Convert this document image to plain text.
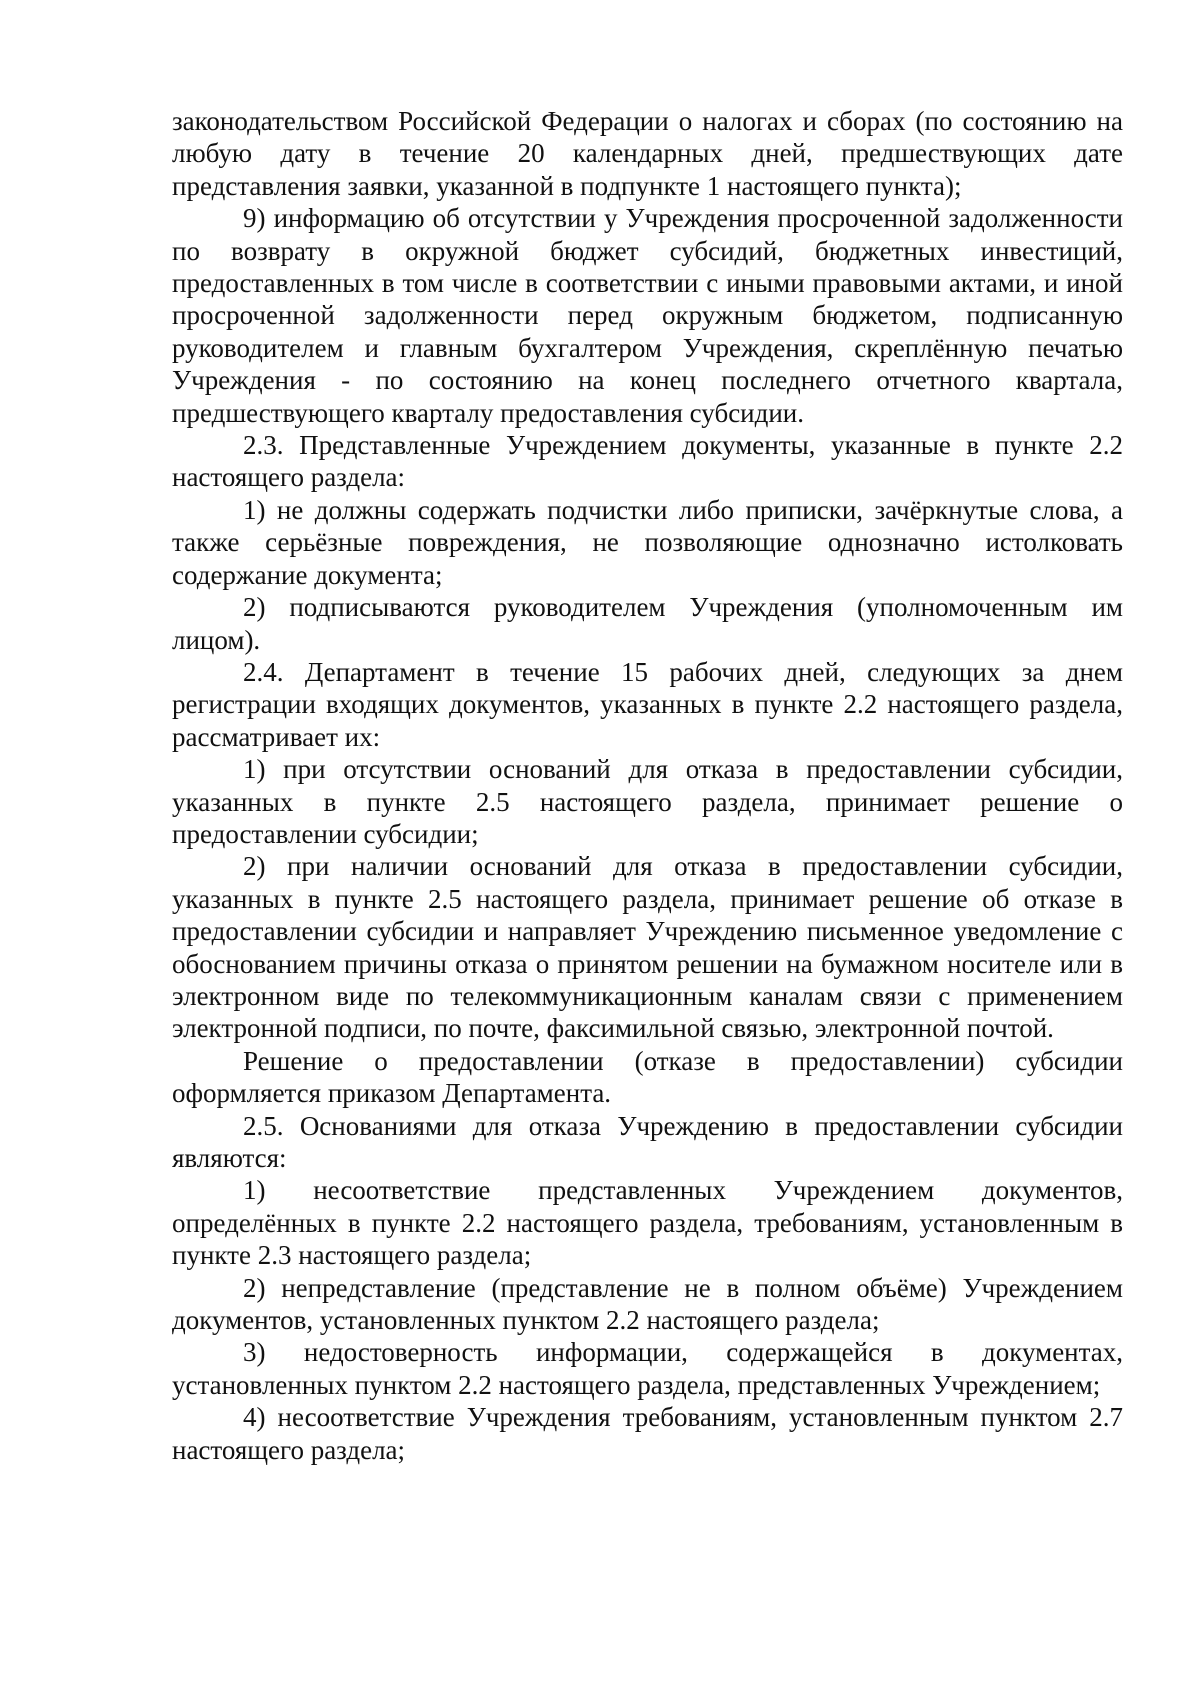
законодательством Российской Федерации о налогах и сборах (по состоянию на любую дату в течение 20 календарных дней, предшествующих дате представления заявки, указанной в подпункте 1 настоящего пункта);

9) информацию об отсутствии у Учреждения просроченной задолженности по возврату в окружной бюджет субсидий, бюджетных инвестиций, предоставленных в том числе в соответствии с иными правовыми актами, и иной просроченной задолженности перед окружным бюджетом, подписанную руководителем и главным бухгалтером Учреждения, скреплённую печатью Учреждения - по состоянию на конец последнего отчетного квартала, предшествующего кварталу предоставления субсидии.

2.3. Представленные Учреждением документы, указанные в пункте 2.2 настоящего раздела:

1) не должны содержать подчистки либо приписки, зачёркнутые слова, а также серьёзные повреждения, не позволяющие однозначно истолковать содержание документа;

2) подписываются руководителем Учреждения (уполномоченным им лицом).

2.4. Департамент в течение 15 рабочих дней, следующих за днем регистрации входящих документов, указанных в пункте 2.2 настоящего раздела, рассматривает их:

1) при отсутствии оснований для отказа в предоставлении субсидии, указанных в пункте 2.5 настоящего раздела, принимает решение о предоставлении субсидии;

2) при наличии оснований для отказа в предоставлении субсидии, указанных в пункте 2.5 настоящего раздела, принимает решение об отказе в предоставлении субсидии и направляет Учреждению письменное уведомление с обоснованием причины отказа о принятом решении на бумажном носителе или в электронном виде по телекоммуникационным каналам связи с применением электронной подписи, по почте, факсимильной связью, электронной почтой.

Решение о предоставлении (отказе в предоставлении) субсидии оформляется приказом Департамента.

2.5. Основаниями для отказа Учреждению в предоставлении субсидии являются:

1) несоответствие представленных Учреждением документов, определённых в пункте 2.2 настоящего раздела, требованиям, установленным в пункте 2.3 настоящего раздела;

2) непредставление (представление не в полном объёме) Учреждением документов, установленных пунктом 2.2 настоящего раздела;

3) недостоверность информации, содержащейся в документах, установленных пунктом 2.2 настоящего раздела, представленных Учреждением;

4) несоответствие Учреждения требованиям, установленным пунктом 2.7 настоящего раздела;
